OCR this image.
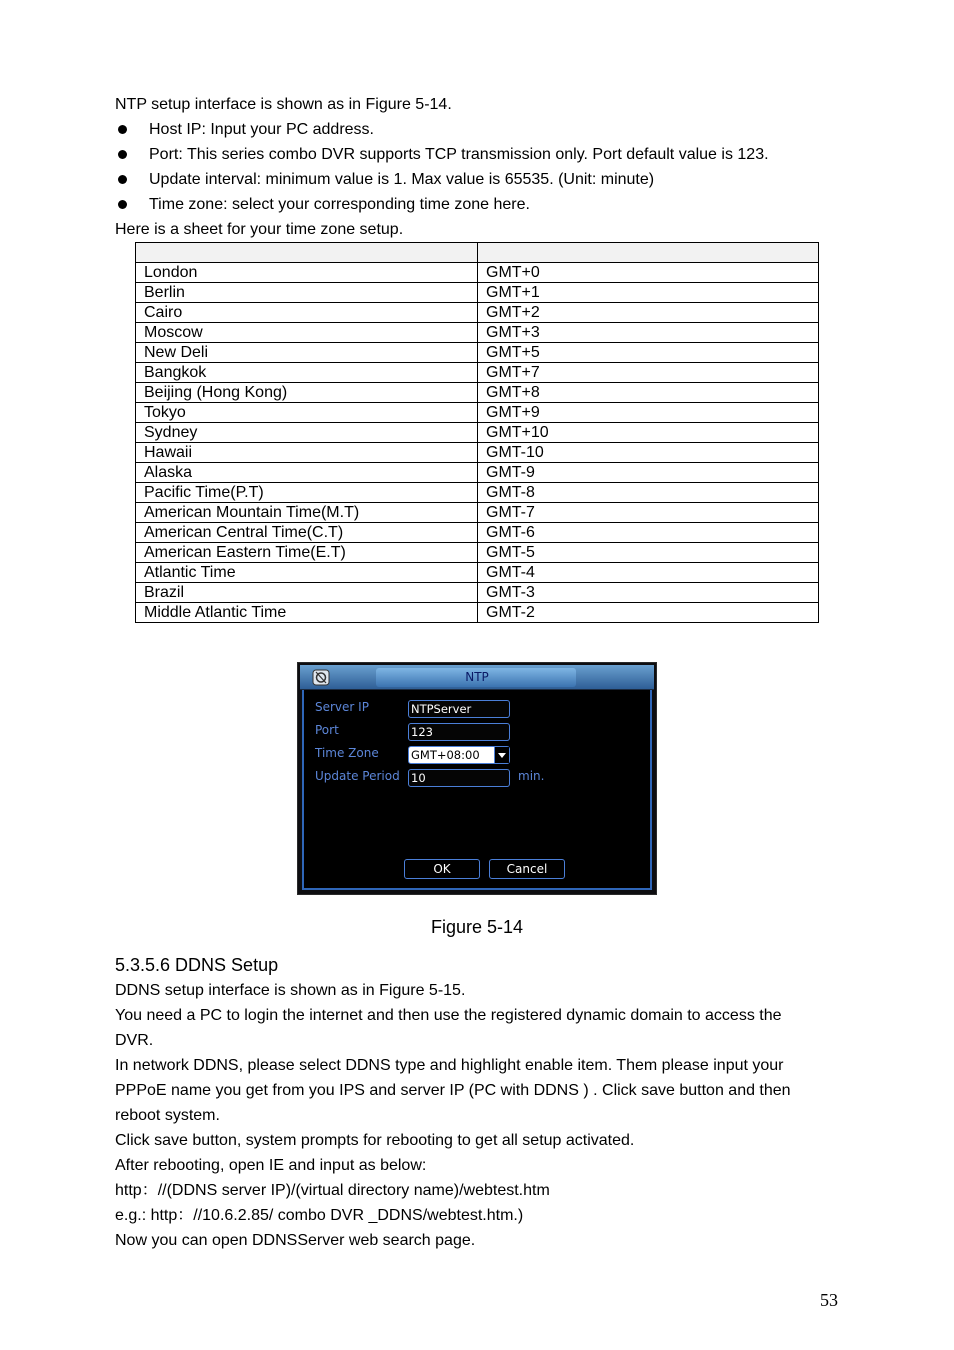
NTP setup interface is shown as in Figure 5-14.
Host IP: Input your PC address.
Port: This series combo DVR supports TCP transmission only. Port default value is 123.
Update interval: minimum value is 1. Max value is 65535. (Unit: minute)
Time zone: select your corresponding time zone here.
Here is a sheet for your time zone setup.

London	GMT+0
Berlin	GMT+1
Cairo	GMT+2
Moscow	GMT+3
New Deli	GMT+5
Bangkok	GMT+7
Beijing (Hong Kong)	GMT+8
Tokyo	GMT+9
Sydney	GMT+10
Hawaii	GMT-10
Alaska	GMT-9
Pacific Time(P.T)	GMT-8
American Mountain Time(M.T)	GMT-7
American Central Time(C.T)	GMT-6
American Eastern Time(E.T)	GMT-5
Atlantic Time	GMT-4
Brazil	GMT-3
Middle Atlantic Time	GMT-2
NTP
Server IP	NTPServer
Port	123
Time Zone	GMT+08:00
Update Period 10	min.
OK	Cancel
Figure 5-14
5.3.5.6 DDNS Setup
DDNS setup interface is shown as in Figure 5-15.
You need a PC to login the internet and then use the registered dynamic domain to access the
DVR.
In network DDNS, please select DDNS type and highlight enable item. Them please input your
PPPoE name you get from you IPS and server IP (PC with DDNS ) . Click save button and then
reboot system.
Click save button, system prompts for rebooting to get all setup activated.
After rebooting, open IE and input as below:
http：//(DDNS server IP)/(virtual directory name)/webtest.htm
e.g.: http：//10.6.2.85/ combo DVR _DDNS/webtest.htm.)
Now you can open DDNSServer web search page.
53
